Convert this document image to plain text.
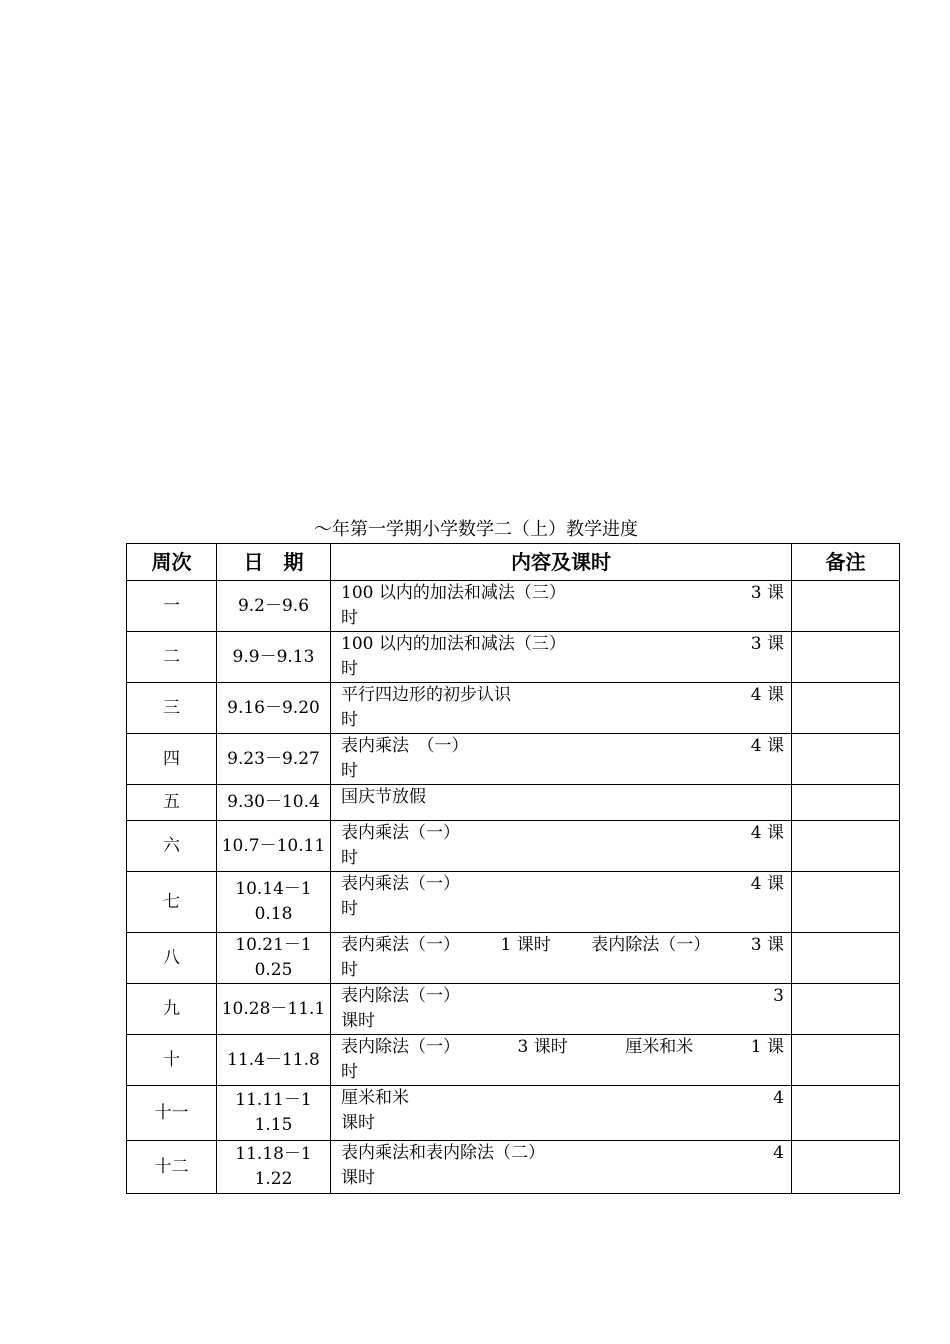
～年第一学期小学数学二（上）教学进度
周次	日　期	内容及课时	备注
一	9.2－9.6	100 以内的加法和减法（三） 3 课
时	

二	9.9－9.13	100 以内的加法和减法（三） 3 课
时	

三	9.16－9.20	平行四边形的初步认识 4 课
时	

四	9.23－9.27	表内乘法　（一） 4 课
时	

五	9.30－10.4	国庆节放假	

六	10.7－10.11	表内乘法（一） 4 课
时	

七	10.14－10.18	表内乘法（一） 4 课
时	

八	10.21－10.25	表内乘法（一） 1 课时 表内除法（一） 3 课
时	

九	10.28－11.1	表内除法（一） 3
课时	

十	11.4－11.8	表内除法（一） 3 课时 厘米和米 1 课
时	

十一	11.11－11.15	厘米和米 4
课时	

十二	11.18－11.22	表内乘法和表内除法（二） 4
课时	
